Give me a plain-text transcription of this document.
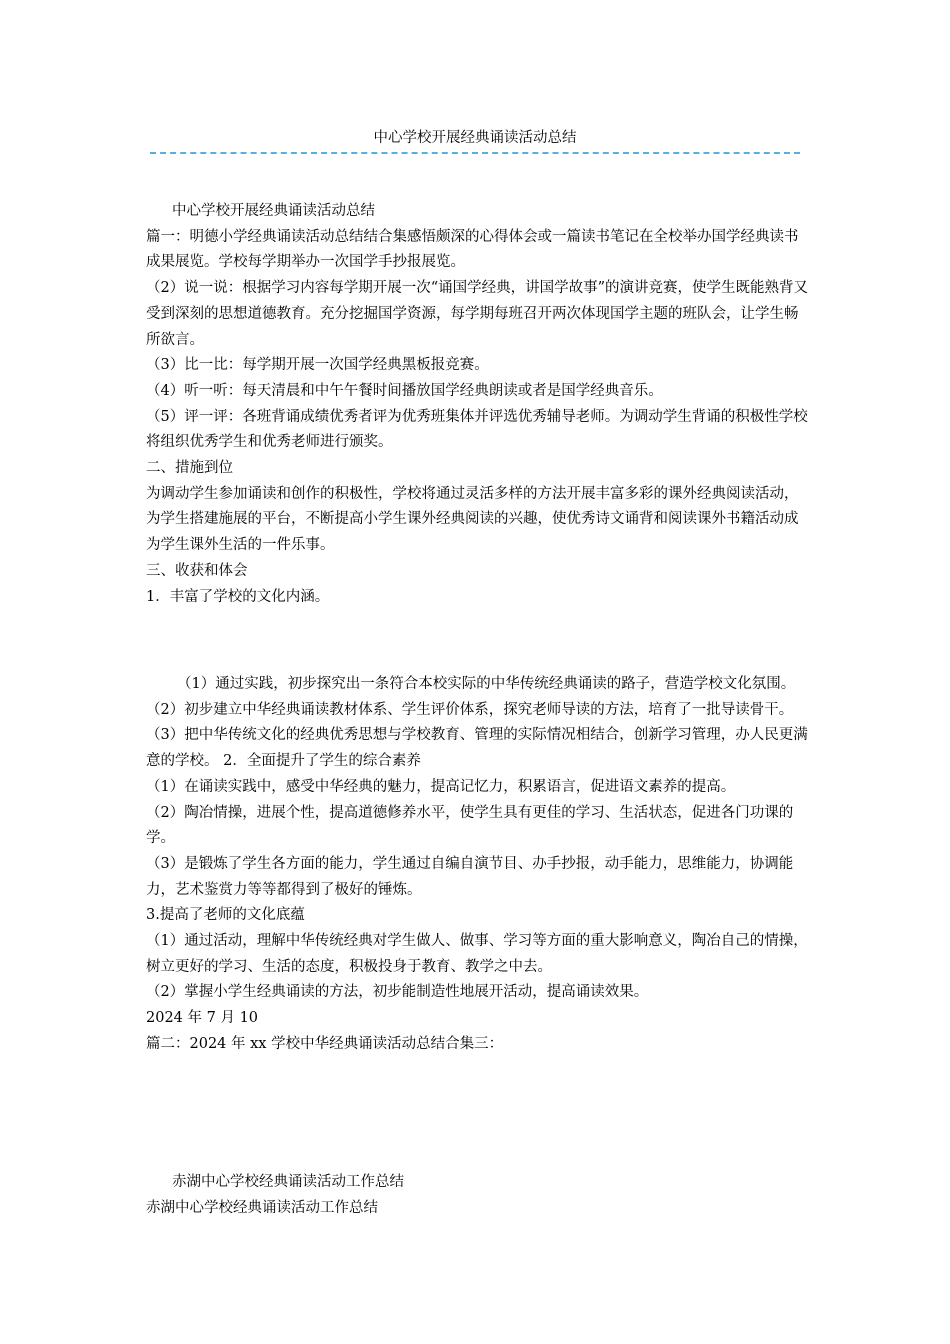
中心学校开展经典诵读活动总结

中心学校开展经典诵读活动总结

篇一：明德小学经典诵读活动总结结合集感悟颇深的心得体会或一篇读书笔记在全校举办国学经典读书成果展览。学校每学期举办一次国学手抄报展览。

（2）说一说：根据学习内容每学期开展一次“诵国学经典，讲国学故事”的演讲竞赛，使学生既能熟背又受到深刻的思想道德教育。充分挖掘国学资源，每学期每班召开两次体现国学主题的班队会，让学生畅所欲言。

（3）比一比：每学期开展一次国学经典黑板报竞赛。

（4）听一听：每天清晨和中午午餐时间播放国学经典朗读或者是国学经典音乐。

（5）评一评：各班背诵成绩优秀者评为优秀班集体并评选优秀辅导老师。为调动学生背诵的积极性学校将组织优秀学生和优秀老师进行颁奖。

二、措施到位

为调动学生参加诵读和创作的积极性，学校将通过灵活多样的方法开展丰富多彩的课外经典阅读活动，为学生搭建施展的平台，不断提高小学生课外经典阅读的兴趣，使优秀诗文诵背和阅读课外书籍活动成为学生课外生活的一件乐事。

三、收获和体会

1．丰富了学校的文化内涵。

（1）通过实践，初步探究出一条符合本校实际的中华传统经典诵读的路子，营造学校文化氛围。

（2）初步建立中华经典诵读教材体系、学生评价体系，探究老师导读的方法，培育了一批导读骨干。

（3）把中华传统文化的经典优秀思想与学校教育、管理的实际情况相结合，创新学习管理，办人民更满意的学校。 2．全面提升了学生的综合素养

（1）在诵读实践中，感受中华经典的魅力，提高记忆力，积累语言，促进语文素养的提高。

（2）陶冶情操，进展个性，提高道德修养水平，使学生具有更佳的学习、生活状态，促进各门功课的学。

（3）是锻炼了学生各方面的能力，学生通过自编自演节目、办手抄报，动手能力，思维能力，协调能力，艺术鉴赏力等等都得到了极好的锤炼。

3.提高了老师的文化底蕴

（1）通过活动，理解中华传统经典对学生做人、做事、学习等方面的重大影响意义，陶冶自己的情操，树立更好的学习、生活的态度，积极投身于教育、教学之中去。

（2）掌握小学生经典诵读的方法，初步能制造性地展开活动，提高诵读效果。

2024 年 7 月 10

篇二：2024 年 xx 学校中华经典诵读活动总结合集三：

赤湖中心学校经典诵读活动工作总结

赤湖中心学校经典诵读活动工作总结
